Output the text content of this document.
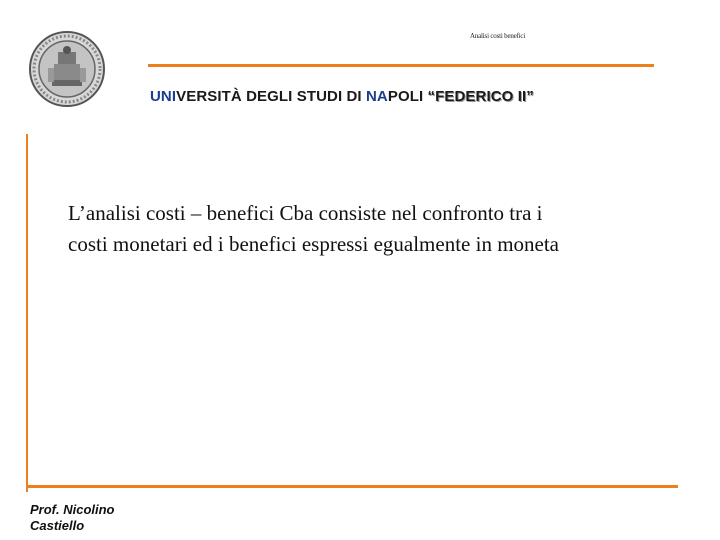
Analisi costi benefici
UNIVERSITÀ DEGLI STUDI DI NAPOLI “FEDERICO II”
L’analisi costi – benefici Cba consiste nel confronto tra i
costi monetari ed i benefici espressi egualmente in moneta
Prof. Nicolino
Castiello
